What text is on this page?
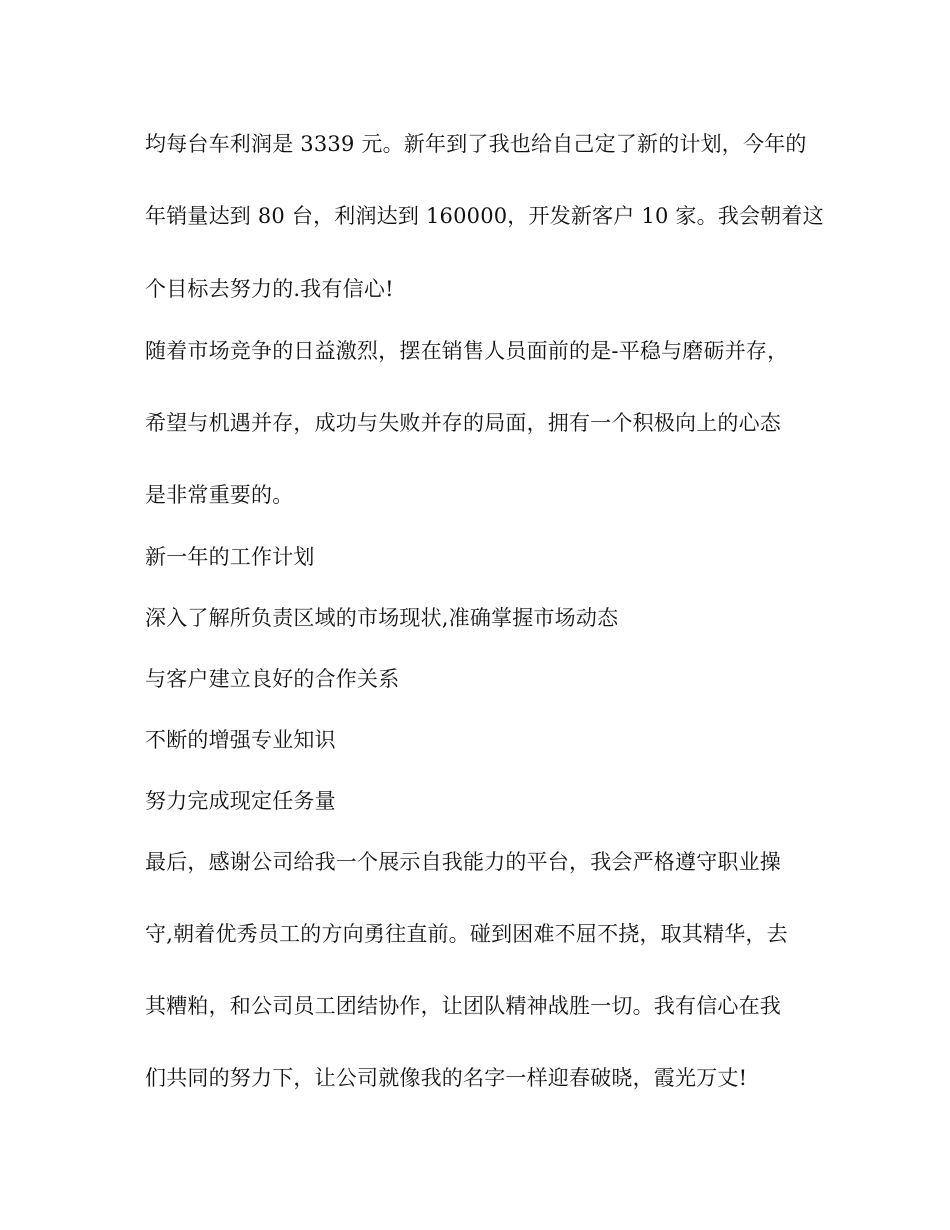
均每台车利润是 3339 元。新年到了我也给自己定了新的计划，今年的
年销量达到 80 台，利润达到 160000，开发新客户 10 家。我会朝着这
个目标去努力的.我有信心!
随着市场竞争的日益激烈，摆在销售人员面前的是-平稳与磨砺并存，
希望与机遇并存，成功与失败并存的局面，拥有一个积极向上的心态
是非常重要的。
新一年的工作计划
深入了解所负责区域的市场现状,准确掌握市场动态
与客户建立良好的合作关系
不断的增强专业知识
努力完成现定任务量
最后，感谢公司给我一个展示自我能力的平台，我会严格遵守职业操
守,朝着优秀员工的方向勇往直前。碰到困难不屈不挠，取其精华，去
其糟粕，和公司员工团结协作，让团队精神战胜一切。我有信心在我
们共同的努力下，让公司就像我的名字一样迎春破晓，霞光万丈!
